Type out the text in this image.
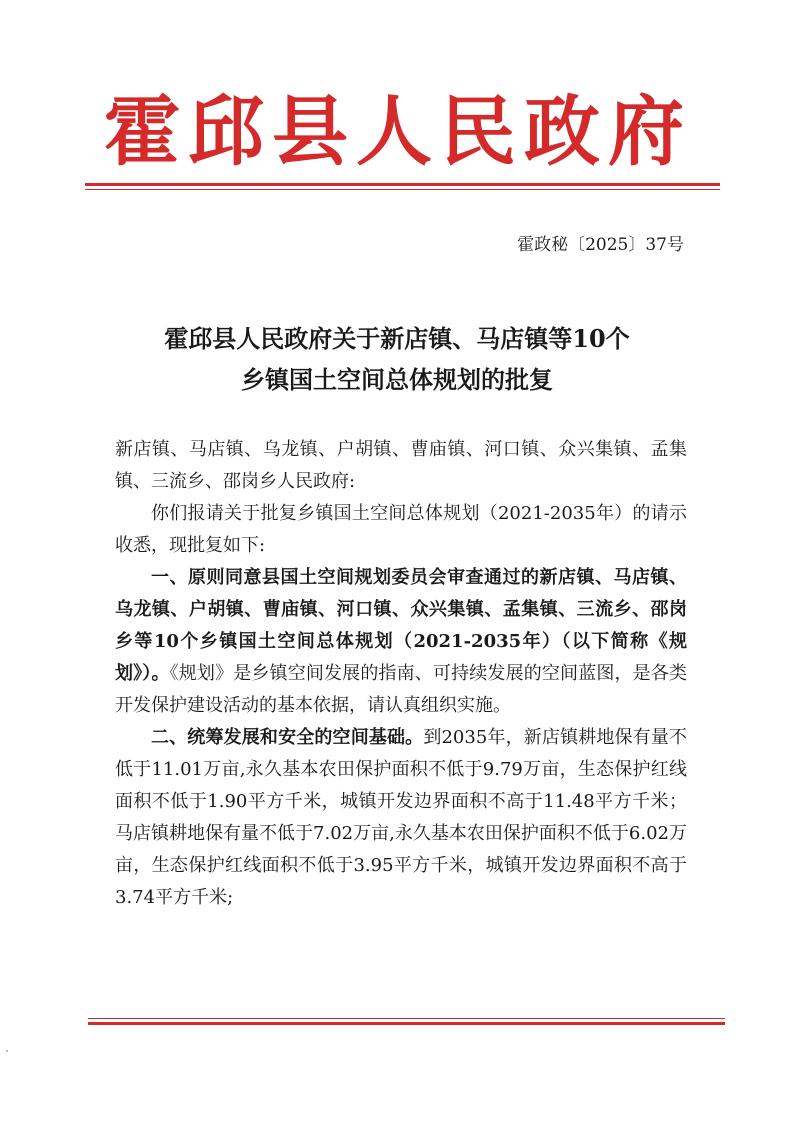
霍邱县人民政府
霍政秘〔2025〕37号
霍邱县人民政府关于新店镇、马店镇等10个
乡镇国土空间总体规划的批复

新店镇、马店镇、乌龙镇、户胡镇、曹庙镇、河口镇、众兴集镇、孟集镇、三流乡、邵岗乡人民政府:

你们报请关于批复乡镇国土空间总体规划（2021-2035年）的请示收悉，现批复如下:

一、原则同意县国土空间规划委员会审查通过的新店镇、马店镇、乌龙镇、户胡镇、曹庙镇、河口镇、众兴集镇、孟集镇、三流乡、邵岗乡等10个乡镇国土空间总体规划（2021-2035年）（以下简称《规划》）。《规划》是乡镇空间发展的指南、可持续发展的空间蓝图，是各类开发保护建设活动的基本依据，请认真组织实施。

二、统筹发展和安全的空间基础。到2035年，新店镇耕地保有量不低于11.01万亩,永久基本农田保护面积不低于9.79万亩，生态保护红线面积不低于1.90平方千米，城镇开发边界面积不高于11.48平方千米；马店镇耕地保有量不低于7.02万亩,永久基本农田保护面积不低于6.02万亩，生态保护红线面积不低于3.95平方千米，城镇开发边界面积不高于3.74平方千米;
